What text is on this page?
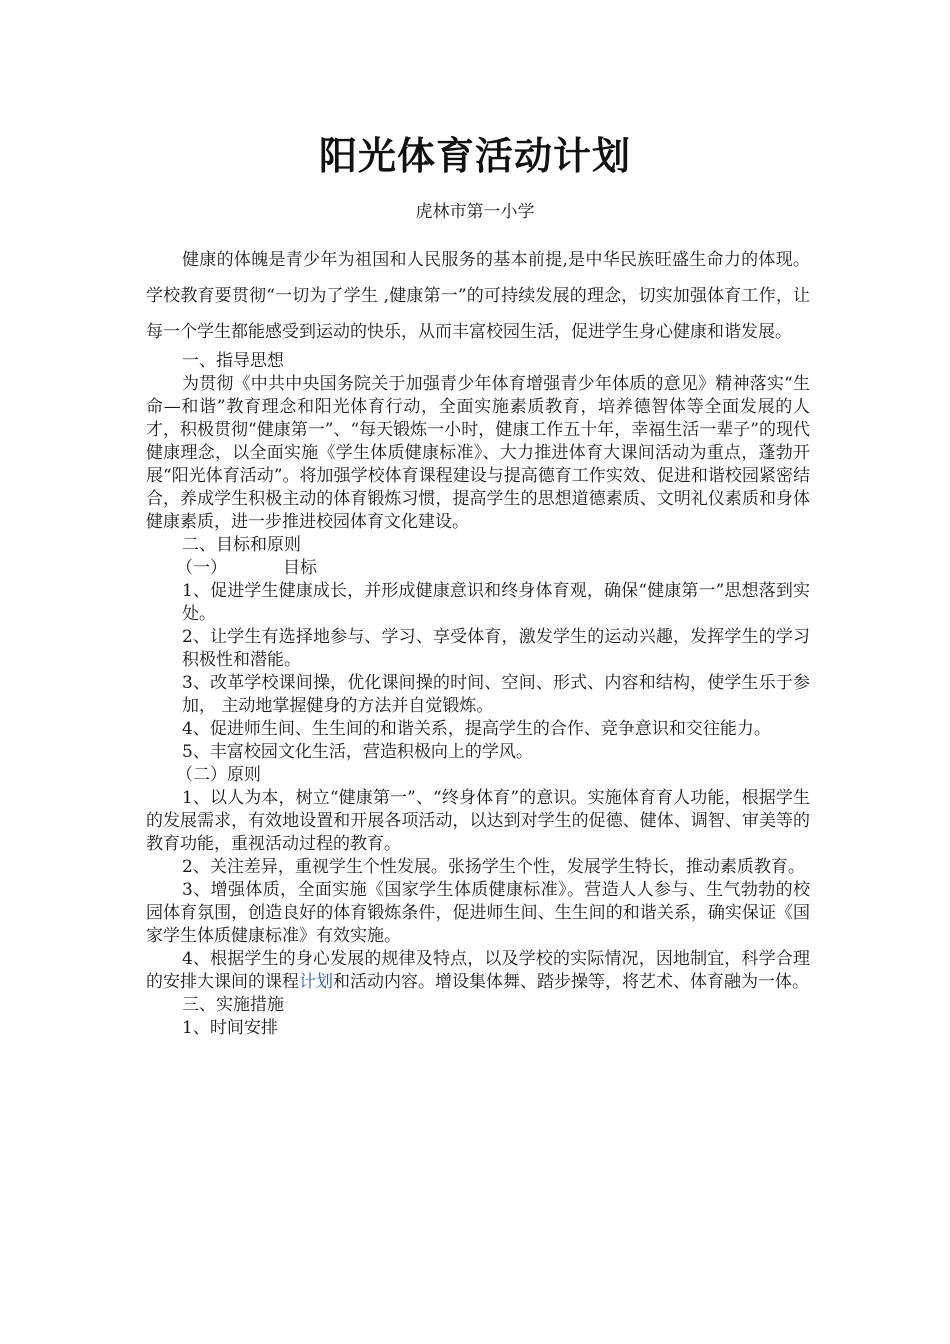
阳光体育活动计划
虎林市第一小学

健康的体魄是青少年为祖国和人民服务的基本前提,是中华民族旺盛生命力的体现。学校教育要贯彻“一切为了学生 ,健康第一”的可持续发展的理念，切实加强体育工作，让每一个学生都能感受到运动的快乐，从而丰富校园生活，促进学生身心健康和谐发展。

一、指导思想

为贯彻《中共中央国务院关于加强青少年体育增强青少年体质的意见》精神落实“生命—和谐”教育理念和阳光体育行动，全面实施素质教育，培养德智体等全面发展的人才，积极贯彻“健康第一”、“每天锻炼一小时，健康工作五十年，幸福生活一辈子”的现代健康理念，以全面实施《学生体质健康标准》、大力推进体育大课间活动为重点，蓬勃开展“阳光体育活动”。将加强学校体育课程建设与提高德育工作实效、促进和谐校园紧密结合，养成学生积极主动的体育锻炼习惯，提高学生的思想道德素质、文明礼仪素质和身体健康素质，进一步推进校园体育文化建设。

二、目标和原则

（一）	目标

1、促进学生健康成长，并形成健康意识和终身体育观，确保“健康第一”思想落到实处。

2、让学生有选择地参与、学习、享受体育，激发学生的运动兴趣，发挥学生的学习积极性和潜能。

3、改革学校课间操，优化课间操的时间、空间、形式、内容和结构，使学生乐于参加， 主动地掌握健身的方法并自觉锻炼。

4、促进师生间、生生间的和谐关系，提高学生的合作、竞争意识和交往能力。

5、丰富校园文化生活，营造积极向上的学风。

（二）原则

1、以人为本，树立“健康第一”、“终身体育”的意识。实施体育育人功能，根据学生的发展需求，有效地设置和开展各项活动，以达到对学生的促德、健体、调智、审美等的教育功能，重视活动过程的教育。

2、关注差异，重视学生个性发展。张扬学生个性，发展学生特长，推动素质教育。

3、增强体质，全面实施《国家学生体质健康标准》。营造人人参与、生气勃勃的校园体育氛围，创造良好的体育锻炼条件，促进师生间、生生间的和谐关系，确实保证《国家学生体质健康标准》有效实施。

4、根据学生的身心发展的规律及特点，以及学校的实际情况，因地制宜，科学合理的安排大课间的课程计划和活动内容。增设集体舞、踏步操等，将艺术、体育融为一体。

三、实施措施

1、时间安排
